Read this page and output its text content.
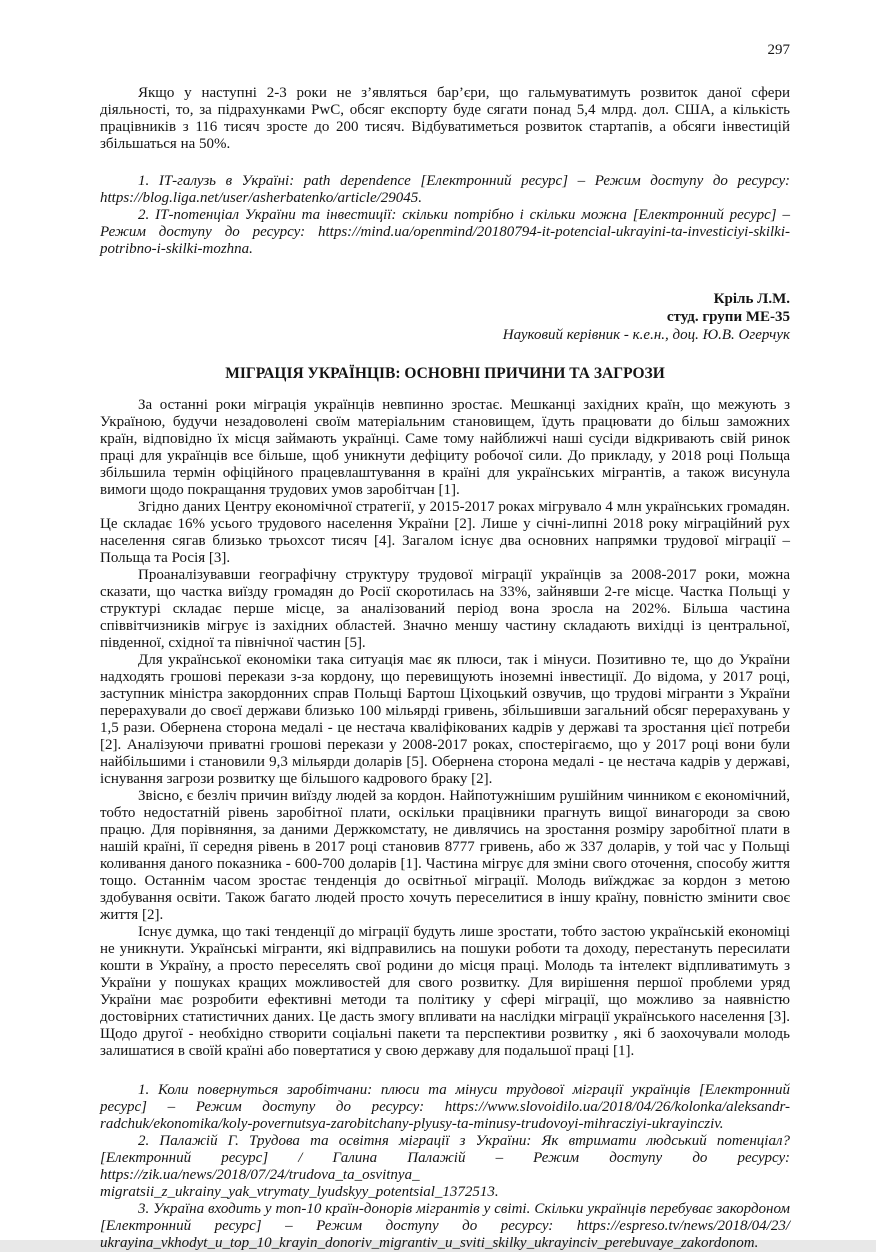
297

Якщо у наступні 2-3 роки не з’являться бар’єри, що гальмуватимуть розвиток даної сфери діяльності, то, за підрахунками PwC, обсяг експорту буде сягати понад 5,4 млрд. дол. США, а кількість працівників з 116 тисяч зросте до 200 тисяч. Відбуватиметься розвиток стартапів, а обсяги інвестицій збільшаться на 50%.

1. ІТ-галузь в Україні: path dependence [Електронний ресурс] – Режим доступу до ресурсу: https://blog.liga.net/user/asherbatenko/article/29045.

2. ІТ-потенціал України та інвестиції: скільки потрібно і скільки можна [Електронний ресурс] – Режим доступу до ресурсу: https://mind.ua/openmind/20180794-it-potencial-ukrayini-ta-investiciyi-skilki-potribno-i-skilki-mozhna.

Кріль Л.М.

студ. групи МЕ-35

Науковий керівник - к.е.н., доц. Ю.В. Огерчук

МІГРАЦІЯ УКРАЇНЦІВ: ОСНОВНІ ПРИЧИНИ ТА ЗАГРОЗИ

За останні роки міграція українців невпинно зростає. Мешканці західних країн, що межують з Україною, будучи незадоволені своїм матеріальним становищем, їдуть працювати до більш заможних країн, відповідно їх місця займають українці. Саме тому найближчі наші сусіди відкривають свій ринок праці для українців все більше, щоб уникнути дефіциту робочої сили. До прикладу, у 2018 році Польща збільшила термін офіційного працевлаштування в країні для українських мігрантів, а також висунула вимоги щодо покращання трудових умов заробітчан [1].

Згідно даних Центру економічної стратегії, у 2015-2017 роках мігрувало 4 млн українських громадян. Це складає 16% усього трудового населення України [2]. Лише у січні-липні 2018 року міграційний рух населення сягав близько трьохсот тисяч [4]. Загалом існує два основних напрямки трудової міграції – Польща та Росія [3].

Проаналізувавши географічну структуру трудової міграції українців за 2008-2017 роки, можна сказати, що частка виїзду громадян до Росії скоротилась на 33%, зайнявши 2-ге місце. Частка Польщі у структурі складає перше місце, за аналізований період вона зросла на 202%. Більша частина співвітчизників мігрує із західних областей. Значно меншу частину складають вихідці із центральної, південної, східної та північної частин [5].

Для української економіки така ситуація має як плюси, так і мінуси. Позитивно те, що до України надходять грошові перекази з-за кордону, що перевищують іноземні інвестиції. До відома, у 2017 році, заступник міністра закордонних справ Польщі Бартош Ціхоцький озвучив, що трудові мігранти з України перерахували до своєї держави близько 100 мільярді гривень, збільшивши загальний обсяг перерахувань у 1,5 рази. Обернена сторона медалі - це нестача кваліфікованих кадрів у державі та зростання цієї потреби [2]. Аналізуючи приватні грошові перекази у 2008-2017 роках, спостерігаємо, що у 2017 році вони були найбільшими і становили 9,3 мільярди доларів [5]. Обернена сторона медалі - це нестача кадрів у державі, існування загрози розвитку ще більшого кадрового браку [2].

Звісно, є безліч причин виїзду людей за кордон. Найпотужнішим рушійним чинником є економічний, тобто недостатній рівень заробітної плати, оскільки працівники прагнуть вищої винагороди за свою працю. Для порівняння, за даними Держкомстату, не дивлячись на зростання розміру заробітної плати в нашій країні, її середня рівень в 2017 році становив 8777 гривень, або ж 337 доларів, у той час у Польщі коливання даного показника - 600-700 доларів [1]. Частина мігрує для зміни свого оточення, способу життя тощо. Останнім часом зростає тенденція до освітньої міграції. Молодь виїжджає за кордон з метою здобування освіти. Також багато людей просто хочуть переселитися в іншу країну, повністю змінити своє життя [2].

Існує думка, що такі тенденції до міграції будуть лише зростати, тобто застою українській економіці не уникнути. Українські мігранти, які відправились на пошуки роботи та доходу, перестануть пересилати кошти в Україну, а просто переселять свої родини до місця праці. Молодь та інтелект відпливатимуть з України у пошуках кращих можливостей для свого розвитку. Для вирішення першої проблеми уряд України має розробити ефективні методи та політику у сфері міграції, що можливо за наявністю достовірних статистичних даних. Це дасть змогу впливати на наслідки міграції українського населення [3]. Щодо другої - необхідно створити соціальні пакети та перспективи розвитку , які б заохочували молодь залишатися в своїй країні або повертатися у свою державу для подальшої праці [1].

1. Коли повернуться заробітчани: плюси та мінуси трудової міграції українців [Електронний ресурс] – Режим доступу до ресурсу: https://www.slovoidilo.ua/2018/04/26/kolonka/aleksandr-radchuk/ekonomika/koly-povernutsya-zarobitchany-plyusy-ta-minusy-trudovoyi-mihracziyi-ukrayincziv.

2. Палажій Г. Трудова та освітня міграції з України: Як втримати людський потенціал? [Електронний ресурс] / Галина Палажій – Режим доступу до ресурсу: https://zik.ua/news/2018/07/24/trudova_ta_osvitnya_ migratsii_z_ukrainy_yak_vtrymaty_lyudskyy_potentsial_1372513.

3. Україна входить у топ-10 країн-донорів мігрантів у світі. Скільки українців перебуває закордоном [Електронний ресурс] – Режим доступу до ресурсу: https://espreso.tv/news/2018/04/23/ ukrayina_vkhodyt_u_top_10_krayin_donoriv_migrantiv_u_sviti_skilky_ukrayinciv_perebuvaye_zakordonom.
